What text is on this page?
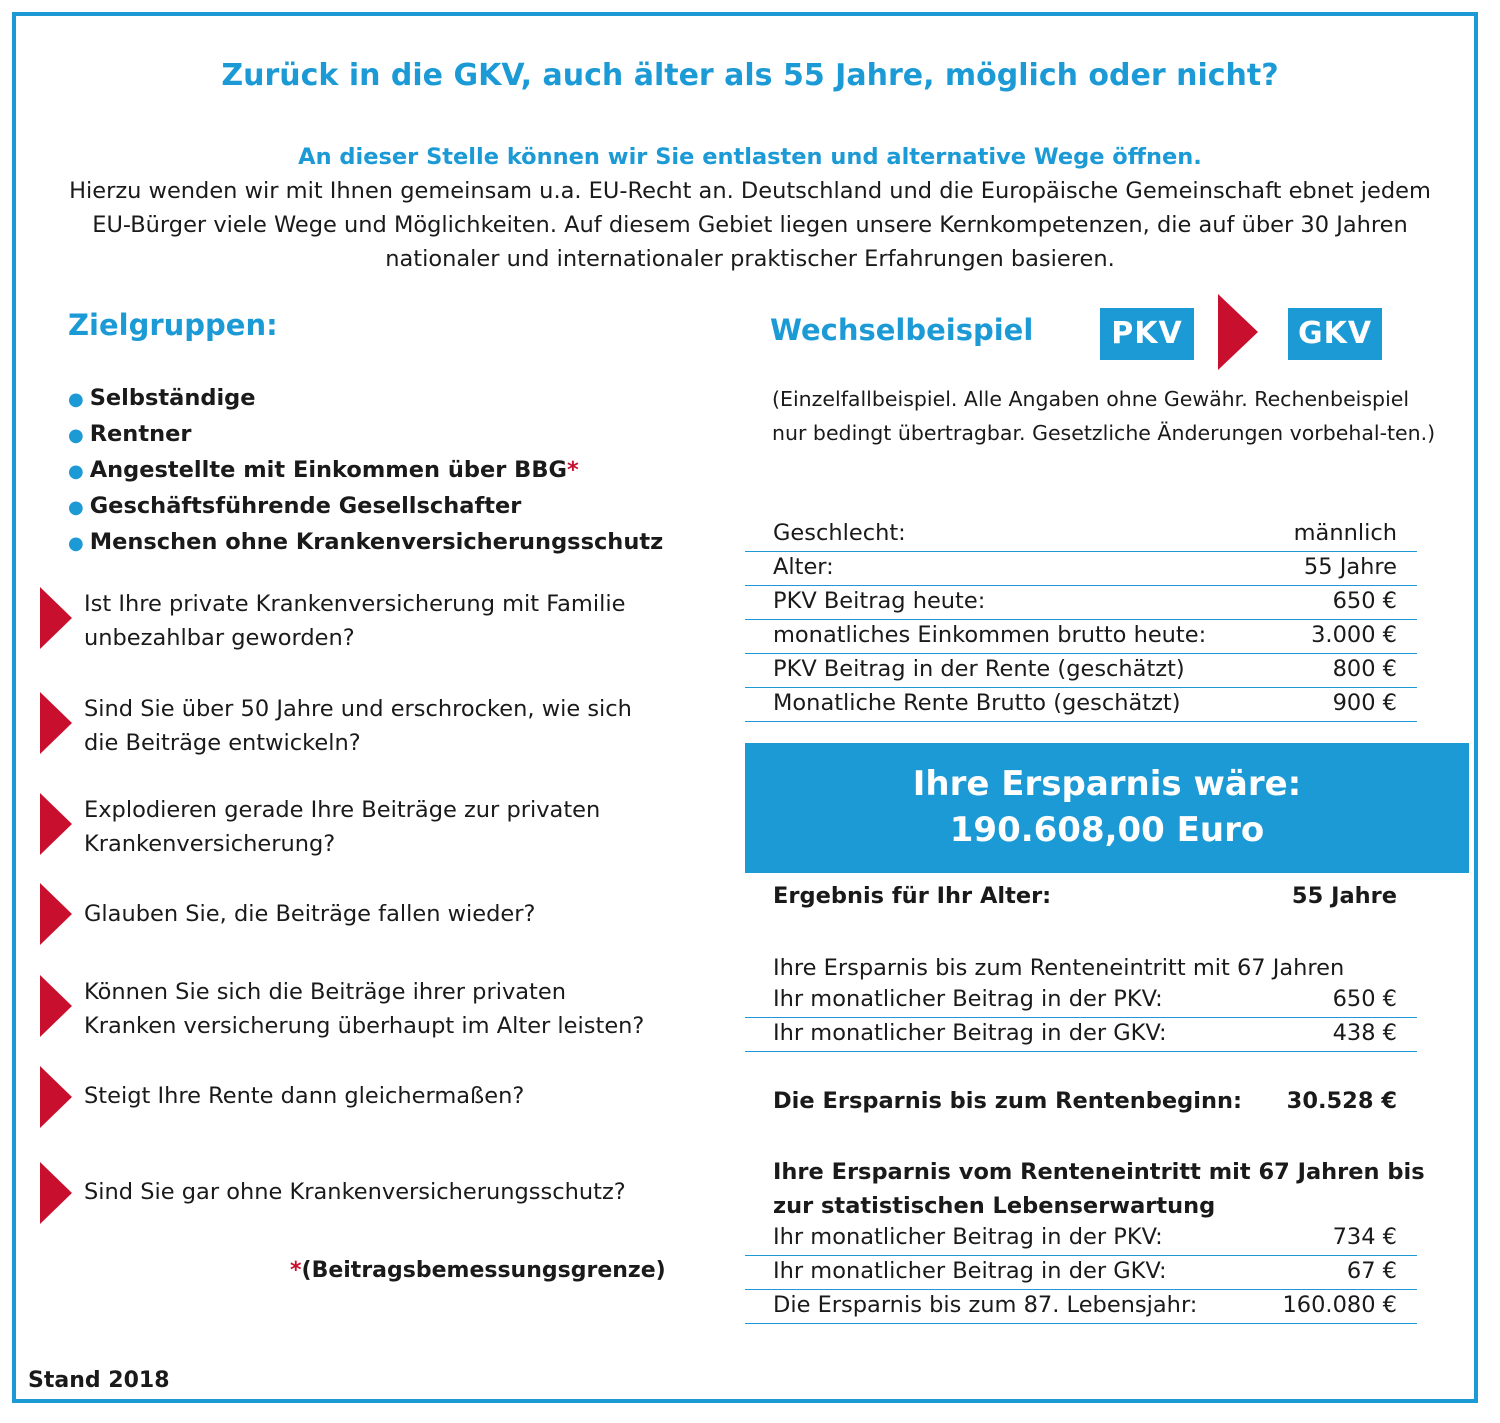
Zurück in die GKV, auch älter als 55 Jahre, möglich oder nicht?
An dieser Stelle können wir Sie entlasten und alternative Wege öffnen.
Hierzu wenden wir mit Ihnen gemeinsam u.a. EU-Recht an. Deutschland und die Europäische Gemeinschaft ebnet jedem EU-Bürger viele Wege und Möglichkeiten. Auf diesem Gebiet liegen unsere Kernkompetenzen, die auf über 30 Jahren nationaler und internationaler praktischer Erfahrungen basieren.
Zielgruppen:
● Selbständige
● Rentner
● Angestellte mit Einkommen über BBG*
● Geschäftsführende Gesellschafter
● Menschen ohne Krankenversicherungsschutz
Ist Ihre private Krankenversicherung mit Familie
unbezahlbar geworden?
Sind Sie über 50 Jahre und erschrocken, wie sich
die Beiträge entwickeln?
Explodieren gerade Ihre Beiträge zur privaten
Krankenversicherung?
Glauben Sie, die Beiträge fallen wieder?
Können Sie sich die Beiträge ihrer privaten
Kranken versicherung überhaupt im Alter leisten?
Steigt Ihre Rente dann gleichermaßen?
Sind Sie gar ohne Krankenversicherungsschutz?
*(Beitragsbemessungsgrenze)
Stand 2018
Wechselbeispiel	PKV	GKV
(Einzelfallbeispiel. Alle Angaben ohne Gewähr. Rechenbeispiel nur bedingt übertragbar. Gesetzliche Änderungen vorbehal-ten.)
Geschlecht:	männlich
Alter:	55 Jahre
PKV Beitrag heute:	650 €
monatliches Einkommen brutto heute:	3.000 €
PKV Beitrag in der Rente (geschätzt)	800 €
Monatliche Rente Brutto (geschätzt)	900 €
Ihre Ersparnis wäre:
190.608,00 Euro
Ergebnis für Ihr Alter:	55 Jahre
Ihre Ersparnis bis zum Renteneintritt mit 67 Jahren
Ihr monatlicher Beitrag in der PKV:	650 €
Ihr monatlicher Beitrag in der GKV:	438 €
Die Ersparnis bis zum Rentenbeginn: 30.528 €
Ihre Ersparnis vom Renteneintritt mit 67 Jahren bis
zur statistischen Lebenserwartung
Ihr monatlicher Beitrag in der PKV:	734 €
Ihr monatlicher Beitrag in der GKV:	67 €
Die Ersparnis bis zum 87. Lebensjahr:	160.080 €
